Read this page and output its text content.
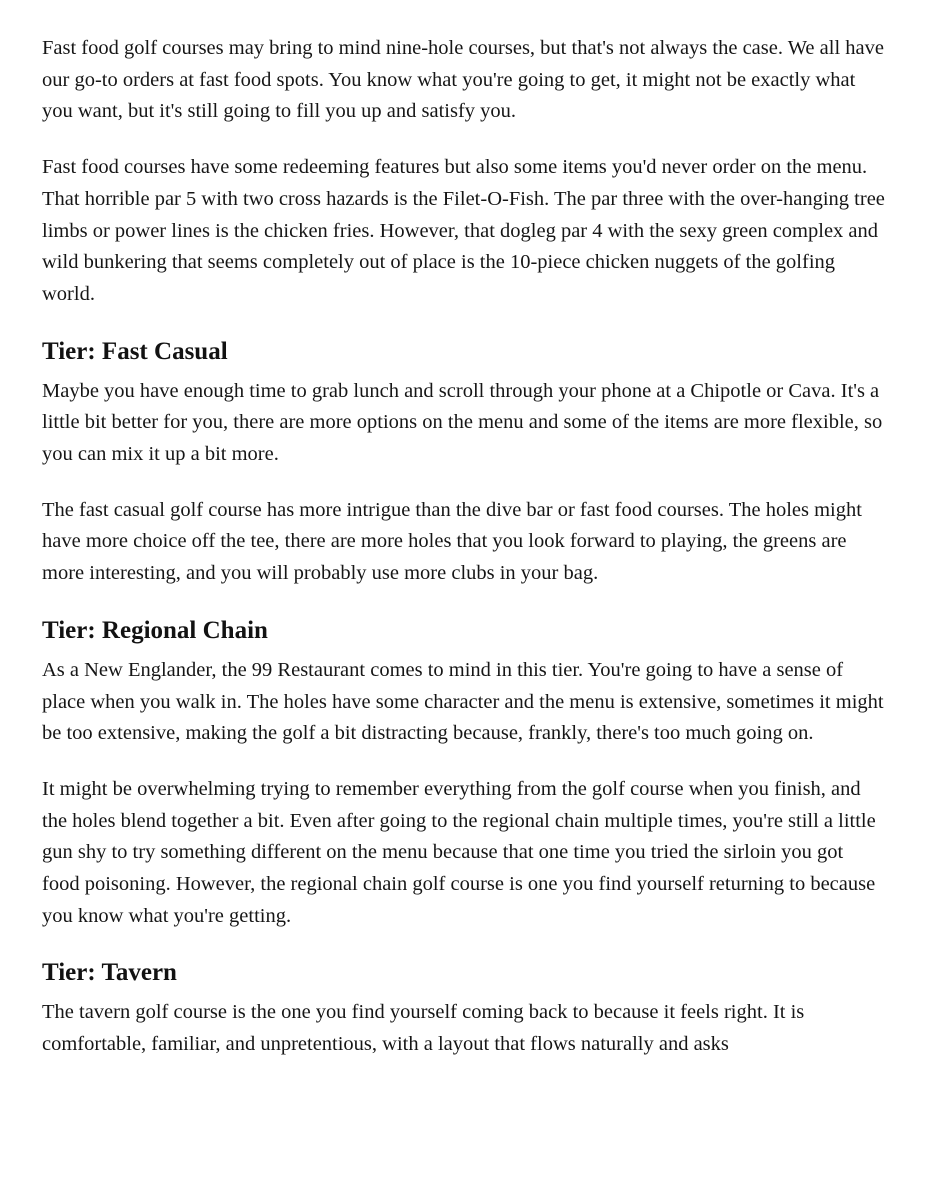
Fast food golf courses may bring to mind nine-hole courses, but that's not always the case. We all have our go-to orders at fast food spots. You know what you're going to get, it might not be exactly what you want, but it's still going to fill you up and satisfy you.

Fast food courses have some redeeming features but also some items you'd never order on the menu. That horrible par 5 with two cross hazards is the Filet-O-Fish. The par three with the over-hanging tree limbs or power lines is the chicken fries. However, that dogleg par 4 with the sexy green complex and wild bunkering that seems completely out of place is the 10-piece chicken nuggets of the golfing world.

Tier: Fast Casual

Maybe you have enough time to grab lunch and scroll through your phone at a Chipotle or Cava. It's a little bit better for you, there are more options on the menu and some of the items are more flexible, so you can mix it up a bit more.

The fast casual golf course has more intrigue than the dive bar or fast food courses. The holes might have more choice off the tee, there are more holes that you look forward to playing, the greens are more interesting, and you will probably use more clubs in your bag.

Tier: Regional Chain

As a New Englander, the 99 Restaurant comes to mind in this tier. You're going to have a sense of place when you walk in. The holes have some character and the menu is extensive, sometimes it might be too extensive, making the golf a bit distracting because, frankly, there's too much going on.

It might be overwhelming trying to remember everything from the golf course when you finish, and the holes blend together a bit. Even after going to the regional chain multiple times, you're still a little gun shy to try something different on the menu because that one time you tried the sirloin you got food poisoning. However, the regional chain golf course is one you find yourself returning to because you know what you're getting.

Tier: Tavern

The tavern golf course is the one you find yourself coming back to because it feels right. It is comfortable, familiar, and unpretentious, with a layout that flows naturally and asks
